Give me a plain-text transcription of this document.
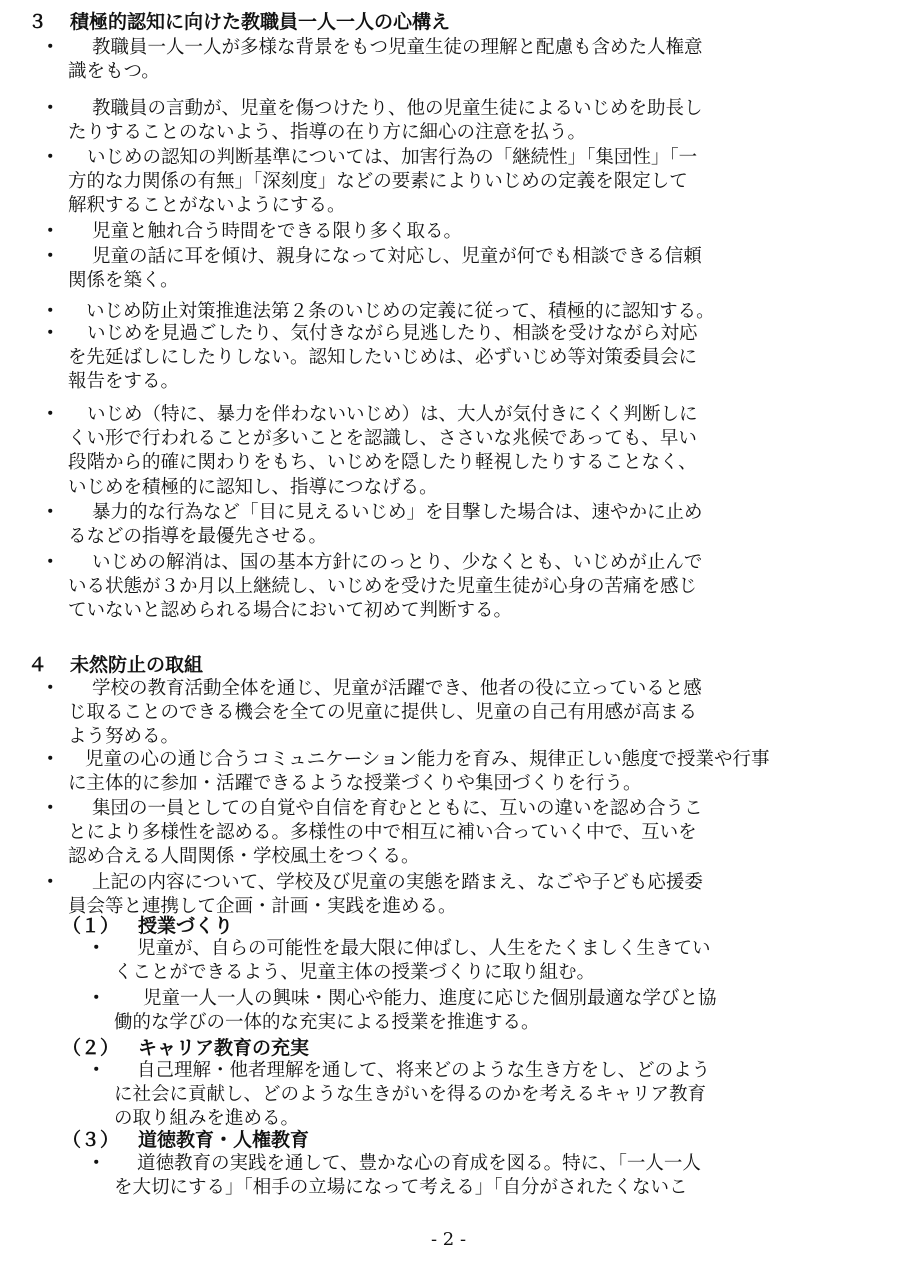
３ 積極的認知に向けた教職員一人一人の心構え
・ 教職員一人一人が多様な背景をもつ児童生徒の理解と配慮も含めた人権意
識をもつ。
・ 教職員の言動が、児童を傷つけたり、他の児童生徒によるいじめを助長し
たりすることのないよう、指導の在り方に細心の注意を払う。
・ いじめの認知の判断基準については、加害行為の「継続性」「集団性」「一
方的な力関係の有無」「深刻度」などの要素によりいじめの定義を限定して
解釈することがないようにする。
・ 児童と触れ合う時間をできる限り多く取る。
・ 児童の話に耳を傾け、親身になって対応し、児童が何でも相談できる信頼
関係を築く。
・ いじめ防止対策推進法第２条のいじめの定義に従って、積極的に認知する。
・ いじめを見過ごしたり、気付きながら見逃したり、相談を受けながら対応
を先延ばしにしたりしない。認知したいじめは、必ずいじめ等対策委員会に
報告をする。
・ いじめ（特に、暴力を伴わないいじめ）は、大人が気付きにくく判断しに
くい形で行われることが多いことを認識し、ささいな兆候であっても、早い
段階から的確に関わりをもち、いじめを隠したり軽視したりすることなく、
いじめを積極的に認知し、指導につなげる。
・ 暴力的な行為など「目に見えるいじめ」を目撃した場合は、速やかに止め
るなどの指導を最優先させる。
・ いじめの解消は、国の基本方針にのっとり、少なくとも、いじめが止んで
いる状態が３か月以上継続し、いじめを受けた児童生徒が心身の苦痛を感じ
ていないと認められる場合において初めて判断する。
４ 未然防止の取組
・ 学校の教育活動全体を通じ、児童が活躍でき、他者の役に立っていると感
じ取ることのできる機会を全ての児童に提供し、児童の自己有用感が高まる
よう努める。
・ 児童の心の通じ合うコミュニケーション能力を育み、規律正しい態度で授業や行事
に主体的に参加・活躍できるような授業づくりや集団づくりを行う。
・ 集団の一員としての自覚や自信を育むとともに、互いの違いを認め合うこ
とにより多様性を認める。多様性の中で相互に補い合っていく中で、互いを
認め合える人間関係・学校風土をつくる。
・ 上記の内容について、学校及び児童の実態を踏まえ、なごや子ども応援委
員会等と連携して企画・計画・実践を進める。
（１） 授業づくり
・ 児童が、自らの可能性を最大限に伸ばし、人生をたくましく生きてい
くことができるよう、児童主体の授業づくりに取り組む。
・ 児童一人一人の興味・関心や能力、進度に応じた個別最適な学びと協
働的な学びの一体的な充実による授業を推進する。
（２） キャリア教育の充実
・ 自己理解・他者理解を通して、将来どのような生き方をし、どのよう
に社会に貢献し、どのような生きがいを得るのかを考えるキャリア教育
の取り組みを進める。
（３） 道徳教育・人権教育
・ 道徳教育の実践を通して、豊かな心の育成を図る。特に、「一人一人
を大切にする」「相手の立場になって考える」「自分がされたくないこ
- 2 -
